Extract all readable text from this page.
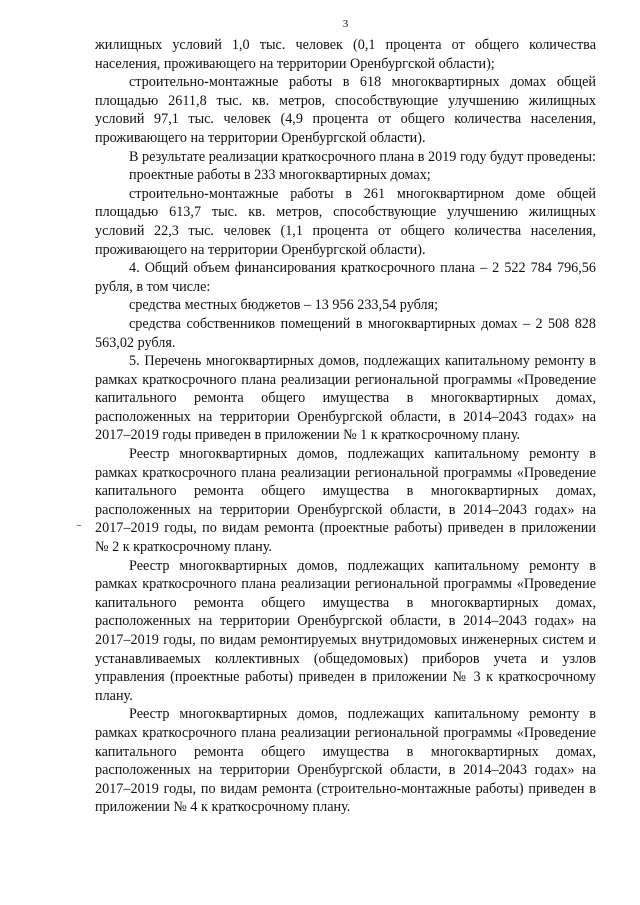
3

жилищных условий 1,0 тыс. человек (0,1 процента от общего количества населения, проживающего на территории Оренбургской области);

строительно-монтажные работы в 618 многоквартирных домах общей площадью 2611,8 тыс. кв. метров, способствующие улучшению жилищных условий 97,1 тыс. человек (4,9 процента от общего количества населения, проживающего на территории Оренбургской области).

В результате реализации краткосрочного плана в 2019 году будут проведены:

проектные работы в 233 многоквартирных домах;

строительно-монтажные работы в 261 многоквартирном доме общей площадью 613,7 тыс. кв. метров, способствующие улучшению жилищных условий 22,3 тыс. человек (1,1 процента от общего количества населения, проживающего на территории Оренбургской области).

4. Общий объем финансирования краткосрочного плана – 2 522 784 796,56 рубля, в том числе:

средства местных бюджетов – 13 956 233,54 рубля;

средства собственников помещений в многоквартирных домах – 2 508 828 563,02 рубля.

5. Перечень многоквартирных домов, подлежащих капитальному ремонту в рамках краткосрочного плана реализации региональной программы «Проведение капитального ремонта общего имущества в многоквартирных домах, расположенных на территории Оренбургской области, в 2014–2043 годах» на 2017–2019 годы приведен в приложении № 1 к краткосрочному плану.

Реестр многоквартирных домов, подлежащих капитальному ремонту в рамках краткосрочного плана реализации региональной программы «Проведение капитального ремонта общего имущества в многоквартирных домах, расположенных на территории Оренбургской области, в 2014–2043 годах» на 2017–2019 годы, по видам ремонта (проектные работы) приведен в приложении № 2 к краткосрочному плану.

Реестр многоквартирных домов, подлежащих капитальному ремонту в рамках краткосрочного плана реализации региональной программы «Проведение капитального ремонта общего имущества в многоквартирных домах, расположенных на территории Оренбургской области, в 2014–2043 годах» на 2017–2019 годы, по видам ремонтируемых внутридомовых инженерных систем и устанавливаемых коллективных (общедомовых) приборов учета и узлов управления (проектные работы) приведен в приложении № 3 к краткосрочному плану.

Реестр многоквартирных домов, подлежащих капитальному ремонту в рамках краткосрочного плана реализации региональной программы «Проведение капитального ремонта общего имущества в многоквартирных домах, расположенных на территории Оренбургской области, в 2014–2043 годах» на 2017–2019 годы, по видам ремонта (строительно-монтажные работы) приведен в приложении № 4 к краткосрочному плану.
